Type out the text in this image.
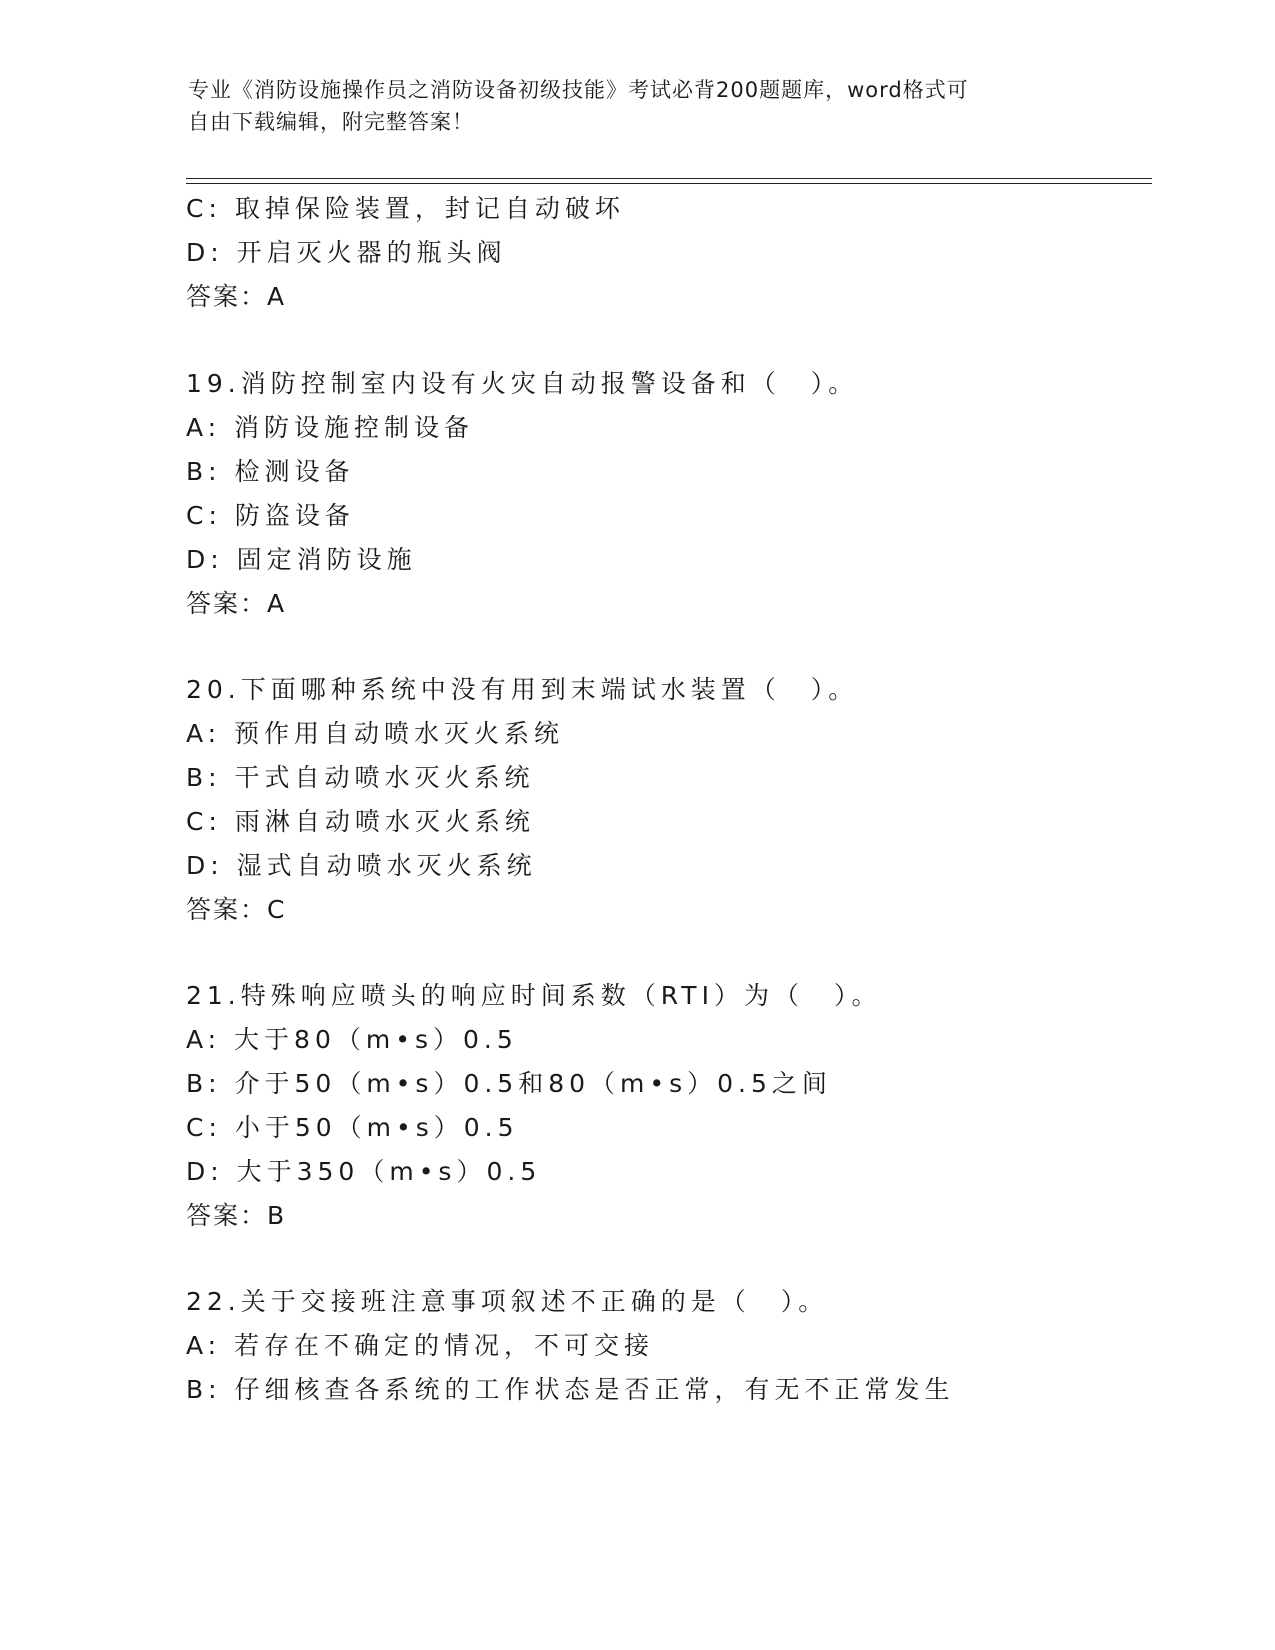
专业《消防设施操作员之消防设备初级技能》考试必背200题题库，word格式可
自由下载编辑，附完整答案！
C: 取掉保险装置，封记自动破坏
D: 开启灭火器的瓶头阀
答案：A
19.消防控制室内设有火灾自动报警设备和（　）。
A: 消防设施控制设备
B: 检测设备
C: 防盗设备
D: 固定消防设施
答案：A
20.下面哪种系统中没有用到末端试水装置（　）。
A: 预作用自动喷水灭火系统
B: 干式自动喷水灭火系统
C: 雨淋自动喷水灭火系统
D: 湿式自动喷水灭火系统
答案：C
21.特殊响应喷头的响应时间系数（RTI）为（　）。
A: 大于80（m•s）0.5
B: 介于50（m•s）0.5和80（m•s）0.5之间
C: 小于50（m•s）0.5
D: 大于350（m•s）0.5
答案：B
22.关于交接班注意事项叙述不正确的是（　）。
A: 若存在不确定的情况，不可交接
B: 仔细核查各系统的工作状态是否正常，有无不正常发生
